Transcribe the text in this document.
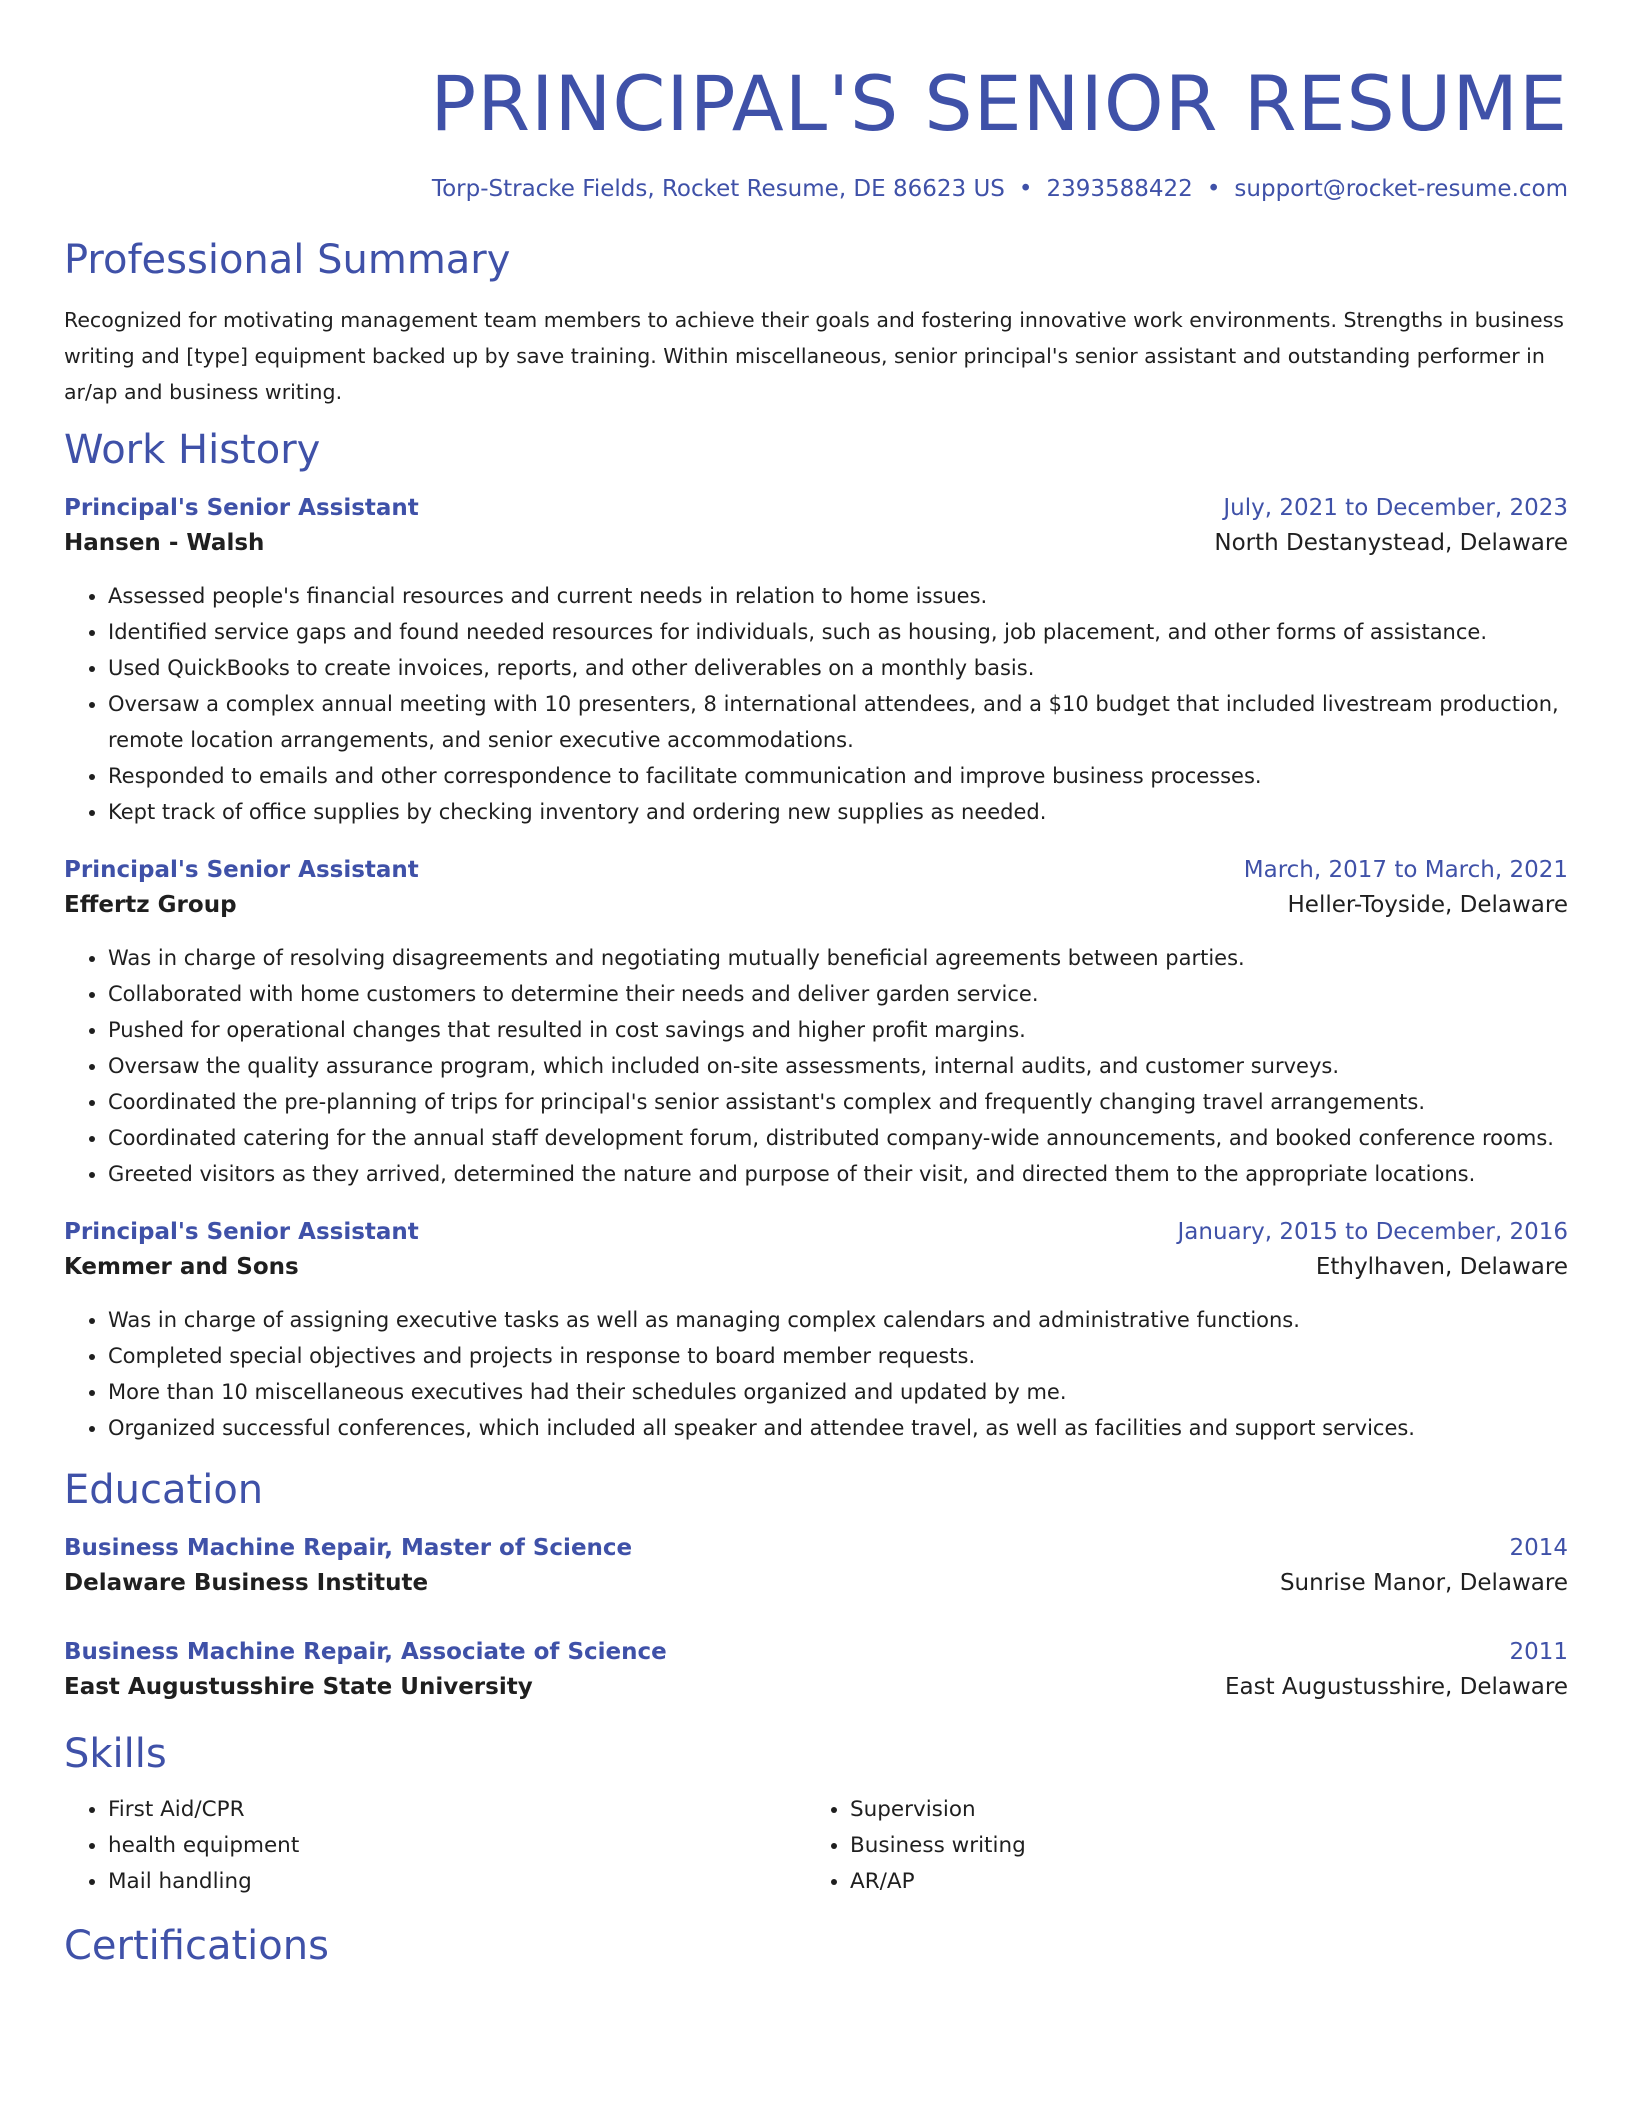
PRINCIPAL'S SENIOR RESUME
Torp-Stracke Fields, Rocket Resume, DE 86623 US • 2393588422 • support@rocket-resume.com
Professional Summary

Recognized for motivating management team members to achieve their goals and fostering innovative work environments. Strengths in business writing and [type] equipment backed up by save training. Within miscellaneous, senior principal's senior assistant and outstanding performer in ar/ap and business writing.

Work History
Principal's Senior Assistant	July, 2021 to December, 2023
Hansen - Walsh	North Destanystead, Delaware
• Assessed people's financial resources and current needs in relation to home issues.
• Identified service gaps and found needed resources for individuals, such as housing, job placement, and other forms of assistance.
• Used QuickBooks to create invoices, reports, and other deliverables on a monthly basis.
• Oversaw a complex annual meeting with 10 presenters, 8 international attendees, and a $10 budget that included livestream production, remote location arrangements, and senior executive accommodations.
• Responded to emails and other correspondence to facilitate communication and improve business processes.
• Kept track of office supplies by checking inventory and ordering new supplies as needed.
Principal's Senior Assistant	March, 2017 to March, 2021
Effertz Group	Heller-Toyside, Delaware
• Was in charge of resolving disagreements and negotiating mutually beneficial agreements between parties.
• Collaborated with home customers to determine their needs and deliver garden service.
• Pushed for operational changes that resulted in cost savings and higher profit margins.
• Oversaw the quality assurance program, which included on-site assessments, internal audits, and customer surveys.
• Coordinated the pre-planning of trips for principal's senior assistant's complex and frequently changing travel arrangements.
• Coordinated catering for the annual staff development forum, distributed company-wide announcements, and booked conference rooms.
• Greeted visitors as they arrived, determined the nature and purpose of their visit, and directed them to the appropriate locations.
Principal's Senior Assistant	January, 2015 to December, 2016
Kemmer and Sons	Ethylhaven, Delaware
• Was in charge of assigning executive tasks as well as managing complex calendars and administrative functions.
• Completed special objectives and projects in response to board member requests.
• More than 10 miscellaneous executives had their schedules organized and updated by me.
• Organized successful conferences, which included all speaker and attendee travel, as well as facilities and support services.
Education
Business Machine Repair, Master of Science	2014
Delaware Business Institute	Sunrise Manor, Delaware
Business Machine Repair, Associate of Science	2011
East Augustusshire State University	East Augustusshire, Delaware
Skills
• First Aid/CPR
• health equipment
• Mail handling
• Supervision
• Business writing
• AR/AP
Certifications
